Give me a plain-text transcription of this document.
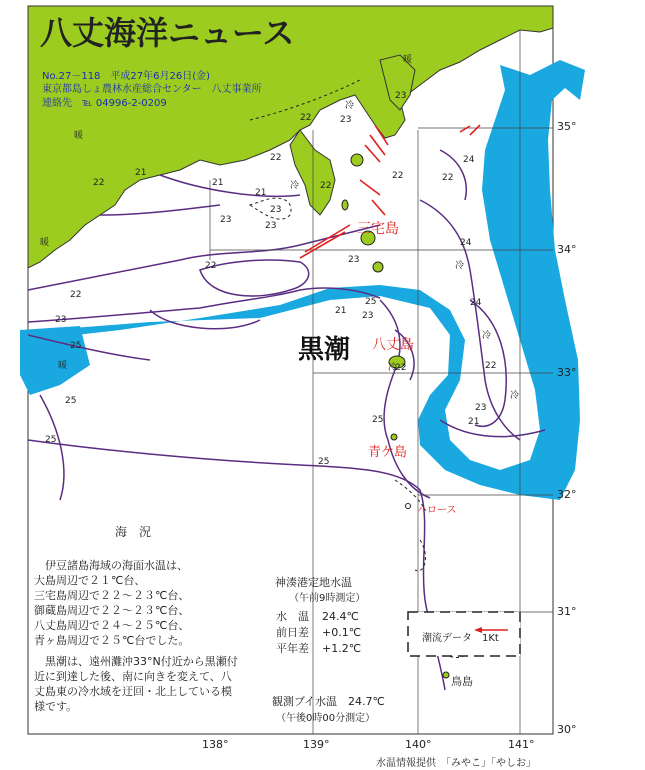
黒潮
三宅島
八丈島
青ケ島
鳥島
ハロース
35°
34°
33°
32°
31°
30°
138°	139°	140°	141°
22
22
22
23
23
21
21
23
23
22
21
22
23
24
22
22
22
23
24
25
25
25
25
25
24
23
21
22
22
23
21
25
23
冷
冷
冷
冷
冷
冷
暖
暖
暖
暖
八丈海洋ニュース
No.27－118　平成27年6月26日(金)
東京都島しょ農林水産総合センター　八丈事業所
連絡先　℡ 04996-2-0209
潮流データ 1Kt
海　況
伊豆諸島海域の海面水温は、
大島周辺で２１℃台、
三宅島周辺で２２～２３℃台、
御蔵島周辺で２２～２３℃台、
八丈島周辺で２４～２５℃台、
青ヶ島周辺で２５℃台でした。
　黒潮は、遠州灘沖33°N付近から黒瀬付
近に到達した後、南に向きを変えて、八
丈島東の冷水域を迂回・北上している模
様です。
神湊港定地水温
（午前9時測定）
水　温 24.4℃
前日差 +0.1℃
平年差 +1.2℃
観測ブイ水温　24.7℃
（午後0時00分測定）
水温情報提供　「みやこ」「やしお」
